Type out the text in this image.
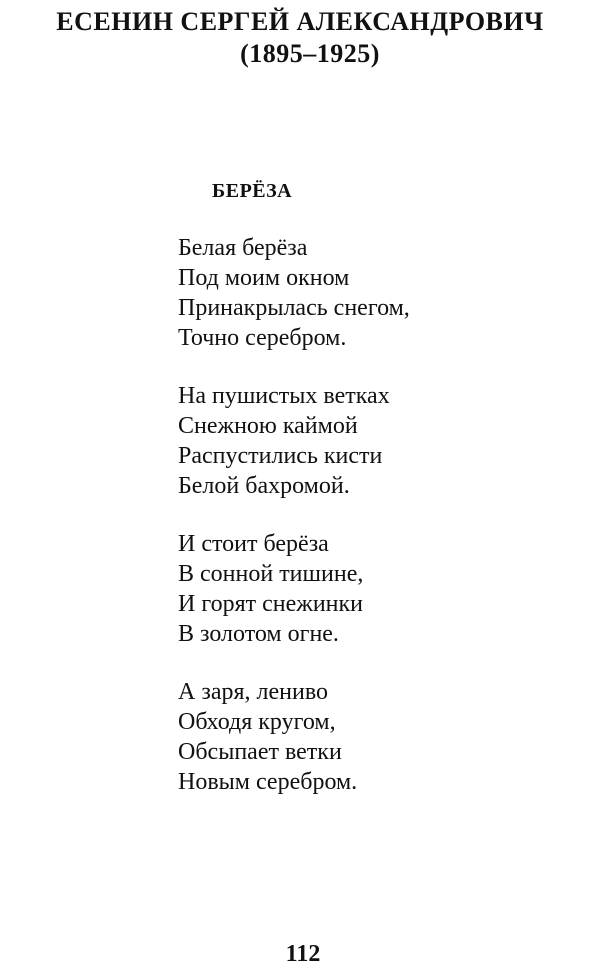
ЕСЕНИН СЕРГЕЙ АЛЕКСАНДРОВИЧ
(1895–1925)
БЕРЁЗА
Белая берёза
Под моим окном
Принакрылась снегом,
Точно серебром.
На пушистых ветках
Снежною каймой
Распустились кисти
Белой бахромой.
И стоит берёза
В сонной тишине,
И горят снежинки
В золотом огне.
А заря, лениво
Обходя кругом,
Обсыпает ветки
Новым серебром.
112
